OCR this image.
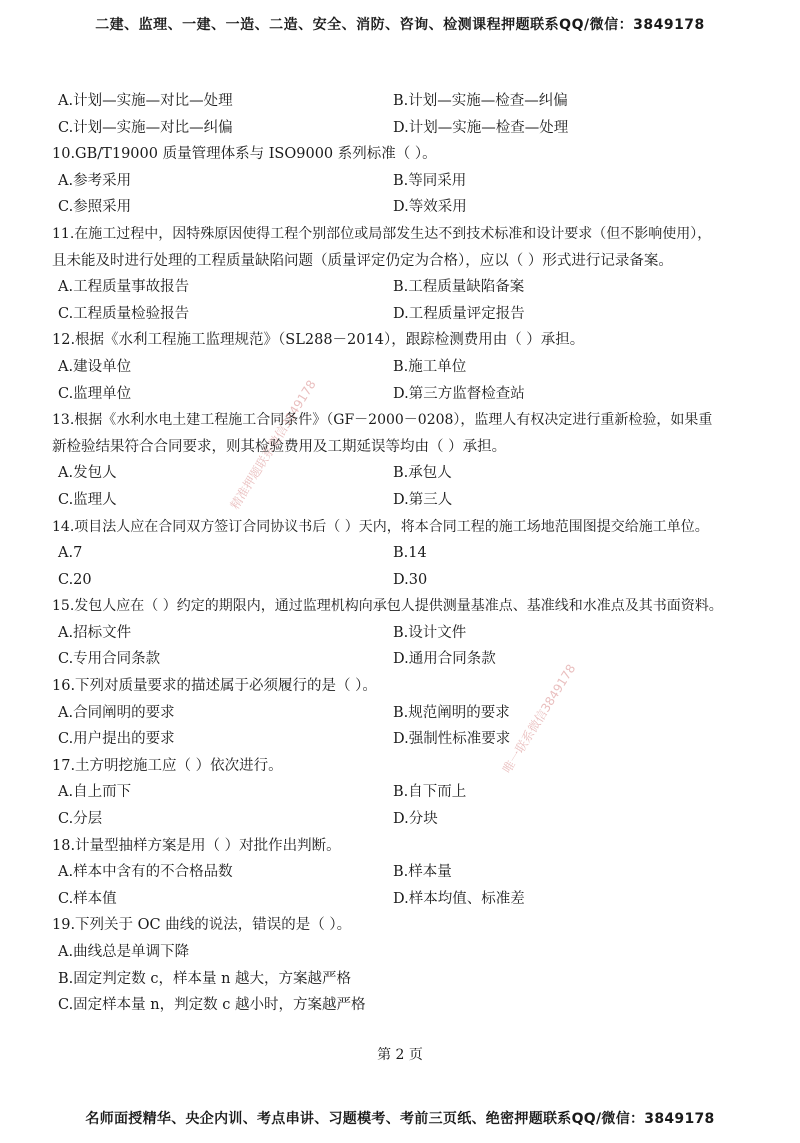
二建、监理、一建、一造、二造、安全、消防、咨询、检测课程押题联系QQ/微信：3849178
精准押题联系微信3849178
唯一联系微信3849178
A.计划—实施—对比—处理	B.计划—实施—检查—纠偏
C.计划—实施—对比—纠偏	D.计划—实施—检查—处理
10.GB/T19000 质量管理体系与 ISO9000 系列标准（ ）。
A.参考采用	B.等同采用
C.参照采用	D.等效采用
11.在施工过程中，因特殊原因使得工程个别部位或局部发生达不到技术标准和设计要求（但不影响使用），
且未能及时进行处理的工程质量缺陷问题（质量评定仍定为合格），应以（ ）形式进行记录备案。
A.工程质量事故报告	B.工程质量缺陷备案
C.工程质量检验报告	D.工程质量评定报告
12.根据《水利工程施工监理规范》（SL288－2014），跟踪检测费用由（ ）承担。
A.建设单位	B.施工单位
C.监理单位	D.第三方监督检查站
13.根据《水利水电土建工程施工合同条件》（GF－2000－0208），监理人有权决定进行重新检验，如果重
新检验结果符合合同要求，则其检验费用及工期延误等均由（ ）承担。
A.发包人	B.承包人
C.监理人	D.第三人
14.项目法人应在合同双方签订合同协议书后（ ）天内，将本合同工程的施工场地范围图提交给施工单位。
A.7	B.14
C.20	D.30
15.发包人应在（ ）约定的期限内，通过监理机构向承包人提供测量基准点、基准线和水准点及其书面资料。
A.招标文件	B.设计文件
C.专用合同条款	D.通用合同条款
16.下列对质量要求的描述属于必须履行的是（ ）。
A.合同阐明的要求	B.规范阐明的要求
C.用户提出的要求	D.强制性标准要求
17.土方明挖施工应（ ）依次进行。
A.自上而下	B.自下而上
C.分层	D.分块
18.计量型抽样方案是用（ ）对批作出判断。
A.样本中含有的不合格品数	B.样本量
C.样本值	D.样本均值、标准差
19.下列关于 OC 曲线的说法，错误的是（ ）。
A.曲线总是单调下降
B.固定判定数 c，样本量 n 越大，方案越严格
C.固定样本量 n，判定数 c 越小时，方案越严格
第 2 页
名师面授精华、央企内训、考点串讲、习题模考、考前三页纸、绝密押题联系QQ/微信：3849178
